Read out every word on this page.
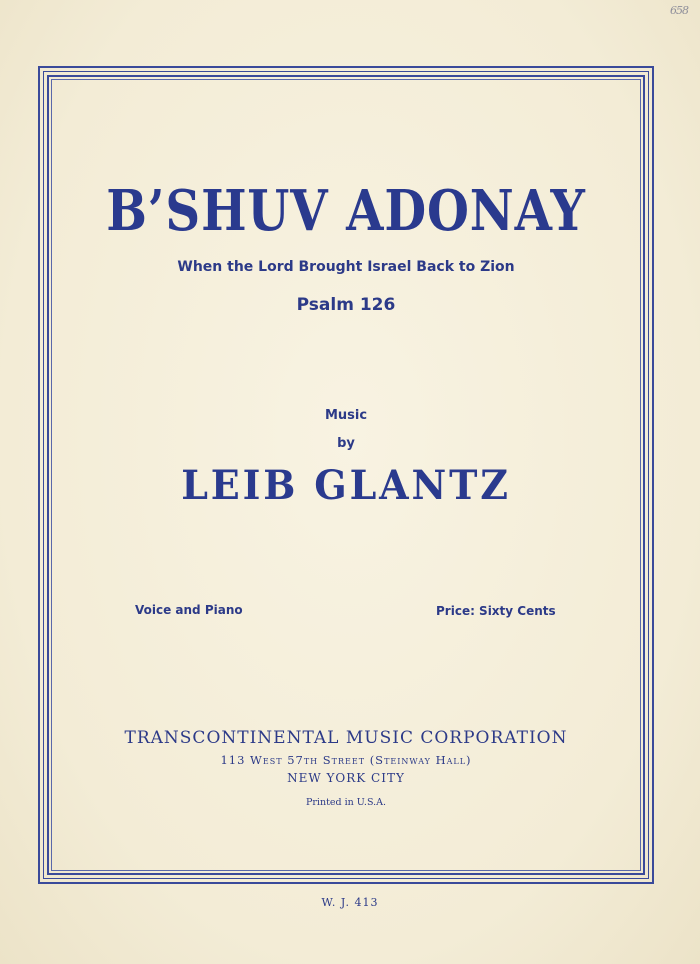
658
B’SHUV ADONAY
When the Lord Brought Israel Back to Zion
Psalm 126
Music
by
LEIB GLANTZ
Voice and Piano	Price: Sixty Cents
TRANSCONTINENTAL MUSIC CORPORATION
113 West 57th Street (Steinway Hall)
NEW YORK CITY
Printed in U.S.A.
W. J. 413
